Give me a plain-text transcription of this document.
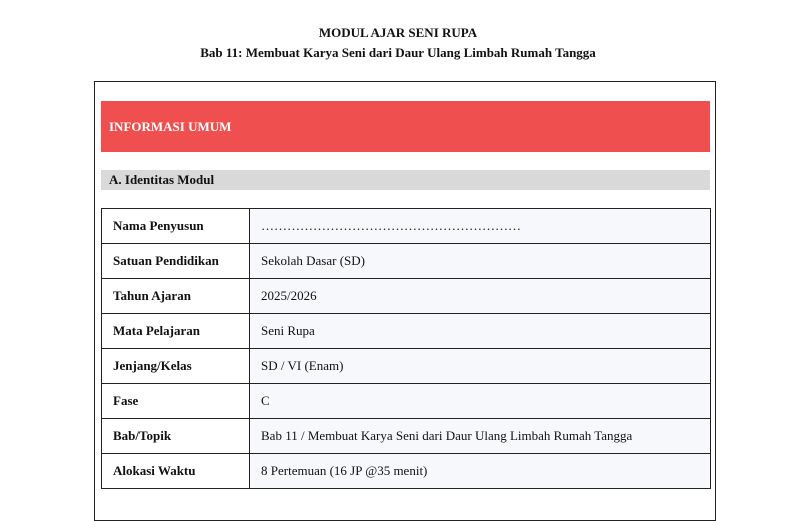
MODUL AJAR SENI RUPA

Bab 11: Membuat Karya Seni dari Daur Ulang Limbah Rumah Tangga

INFORMASI UMUM
A. Identitas Modul
Nama Penyusun	……………………………………………………
Satuan Pendidikan	Sekolah Dasar (SD)
Tahun Ajaran	2025/2026
Mata Pelajaran	Seni Rupa
Jenjang/Kelas	SD / VI (Enam)
Fase	C
Bab/Topik	Bab 11 / Membuat Karya Seni dari Daur Ulang Limbah Rumah Tangga
Alokasi Waktu	8 Pertemuan (16 JP @35 menit)
